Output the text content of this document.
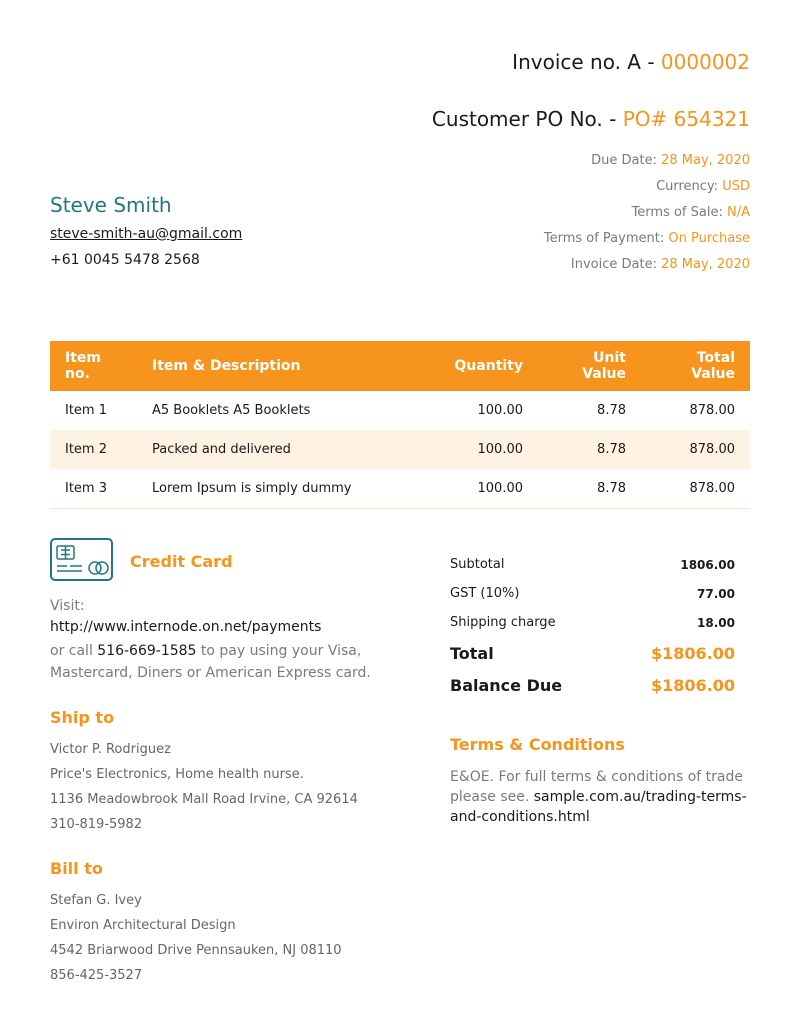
Invoice no. A - 0000002
Customer PO No. - PO# 654321
Due Date: 28 May, 2020
Currency: USD
Terms of Sale: N/A
Terms of Payment: On Purchase
Invoice Date: 28 May, 2020
Steve Smith
steve-smith-au@gmail.com
+61 0045 5478 2568
Item no.	Item & Description	Quantity	Unit Value	Total Value
Item 1	A5 Booklets A5 Booklets	100.00	8.78	878.00
Item 2	Packed and delivered	100.00	8.78	878.00
Item 3	Lorem Ipsum is simply dummy	100.00	8.78	878.00
Credit Card
Visit:
http://www.internode.on.net/payments
or call 516-669-1585 to pay using your Visa, Mastercard, Diners or American Express card.
Ship to
Victor P. Rodriguez
Price's Electronics, Home health nurse.
1136 Meadowbrook Mall Road Irvine, CA 92614
310-819-5982
Bill to
Stefan G. Ivey
Environ Architectural Design
4542 Briarwood Drive Pennsauken, NJ 08110
856-425-3527
Subtotal	1806.00
GST (10%)	77.00
Shipping charge	18.00
Total	$1806.00
Balance Due	$1806.00
Terms & Conditions
E&OE. For full terms & conditions of trade please see. sample.com.au/trading-terms-and-conditions.html
